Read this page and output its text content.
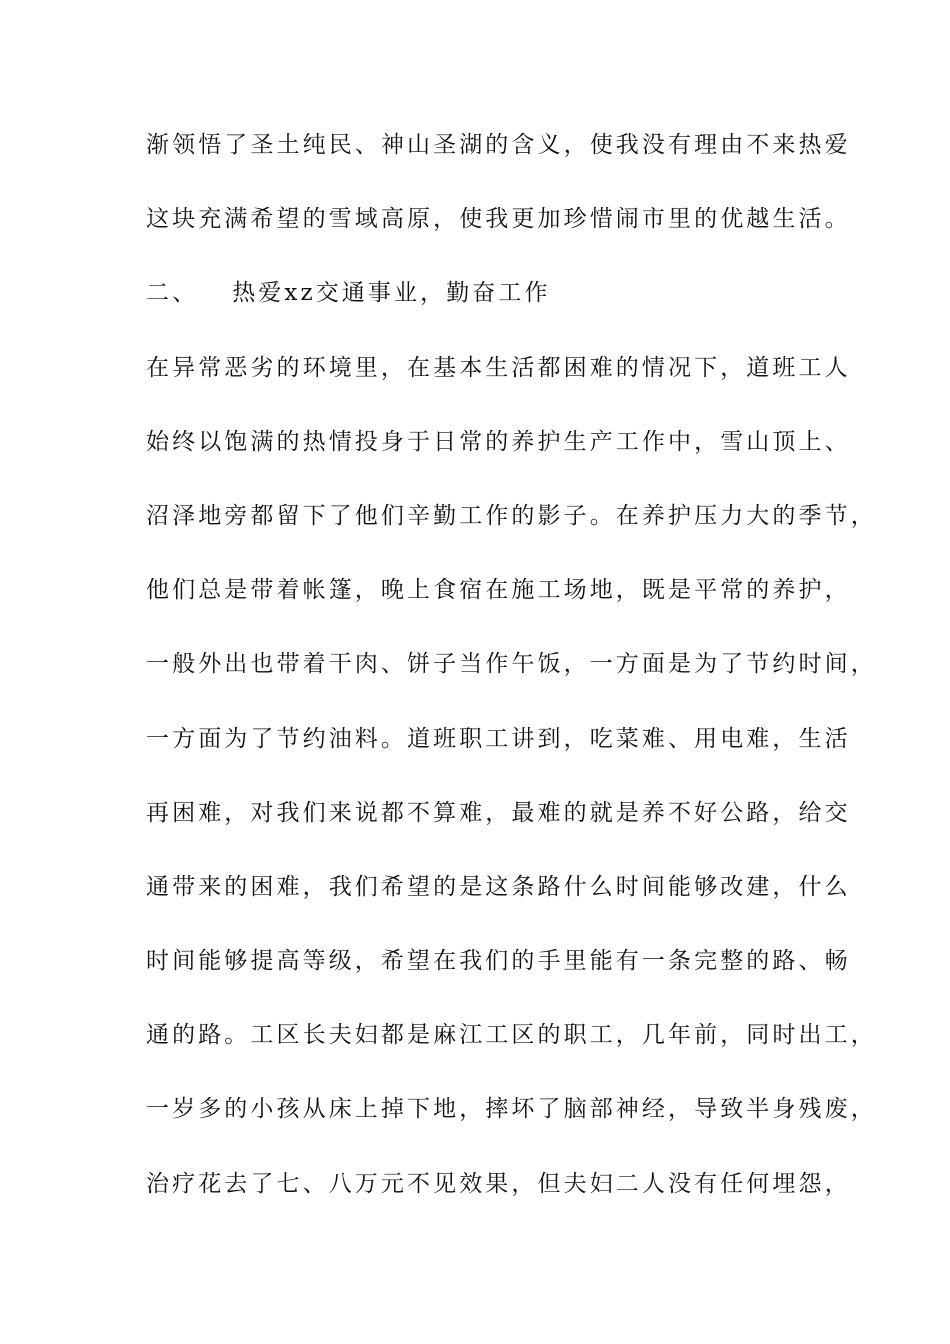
渐领悟了圣土纯民、神山圣湖的含义，使我没有理由不来热爱

这块充满希望的雪域高原，使我更加珍惜闹市里的优越生活。

二、 热爱xz交通事业，勤奋工作

在异常恶劣的环境里，在基本生活都困难的情况下，道班工人

始终以饱满的热情投身于日常的养护生产工作中，雪山顶上、

沼泽地旁都留下了他们辛勤工作的影子。在养护压力大的季节，

他们总是带着帐篷，晚上食宿在施工场地，既是平常的养护，

一般外出也带着干肉、饼子当作午饭，一方面是为了节约时间，

一方面为了节约油料。道班职工讲到，吃菜难、用电难，生活

再困难，对我们来说都不算难，最难的就是养不好公路，给交

通带来的困难，我们希望的是这条路什么时间能够改建，什么

时间能够提高等级，希望在我们的手里能有一条完整的路、畅

通的路。工区长夫妇都是麻江工区的职工，几年前，同时出工，

一岁多的小孩从床上掉下地，摔坏了脑部神经，导致半身残废，

治疗花去了七、八万元不见效果，但夫妇二人没有任何埋怨，
